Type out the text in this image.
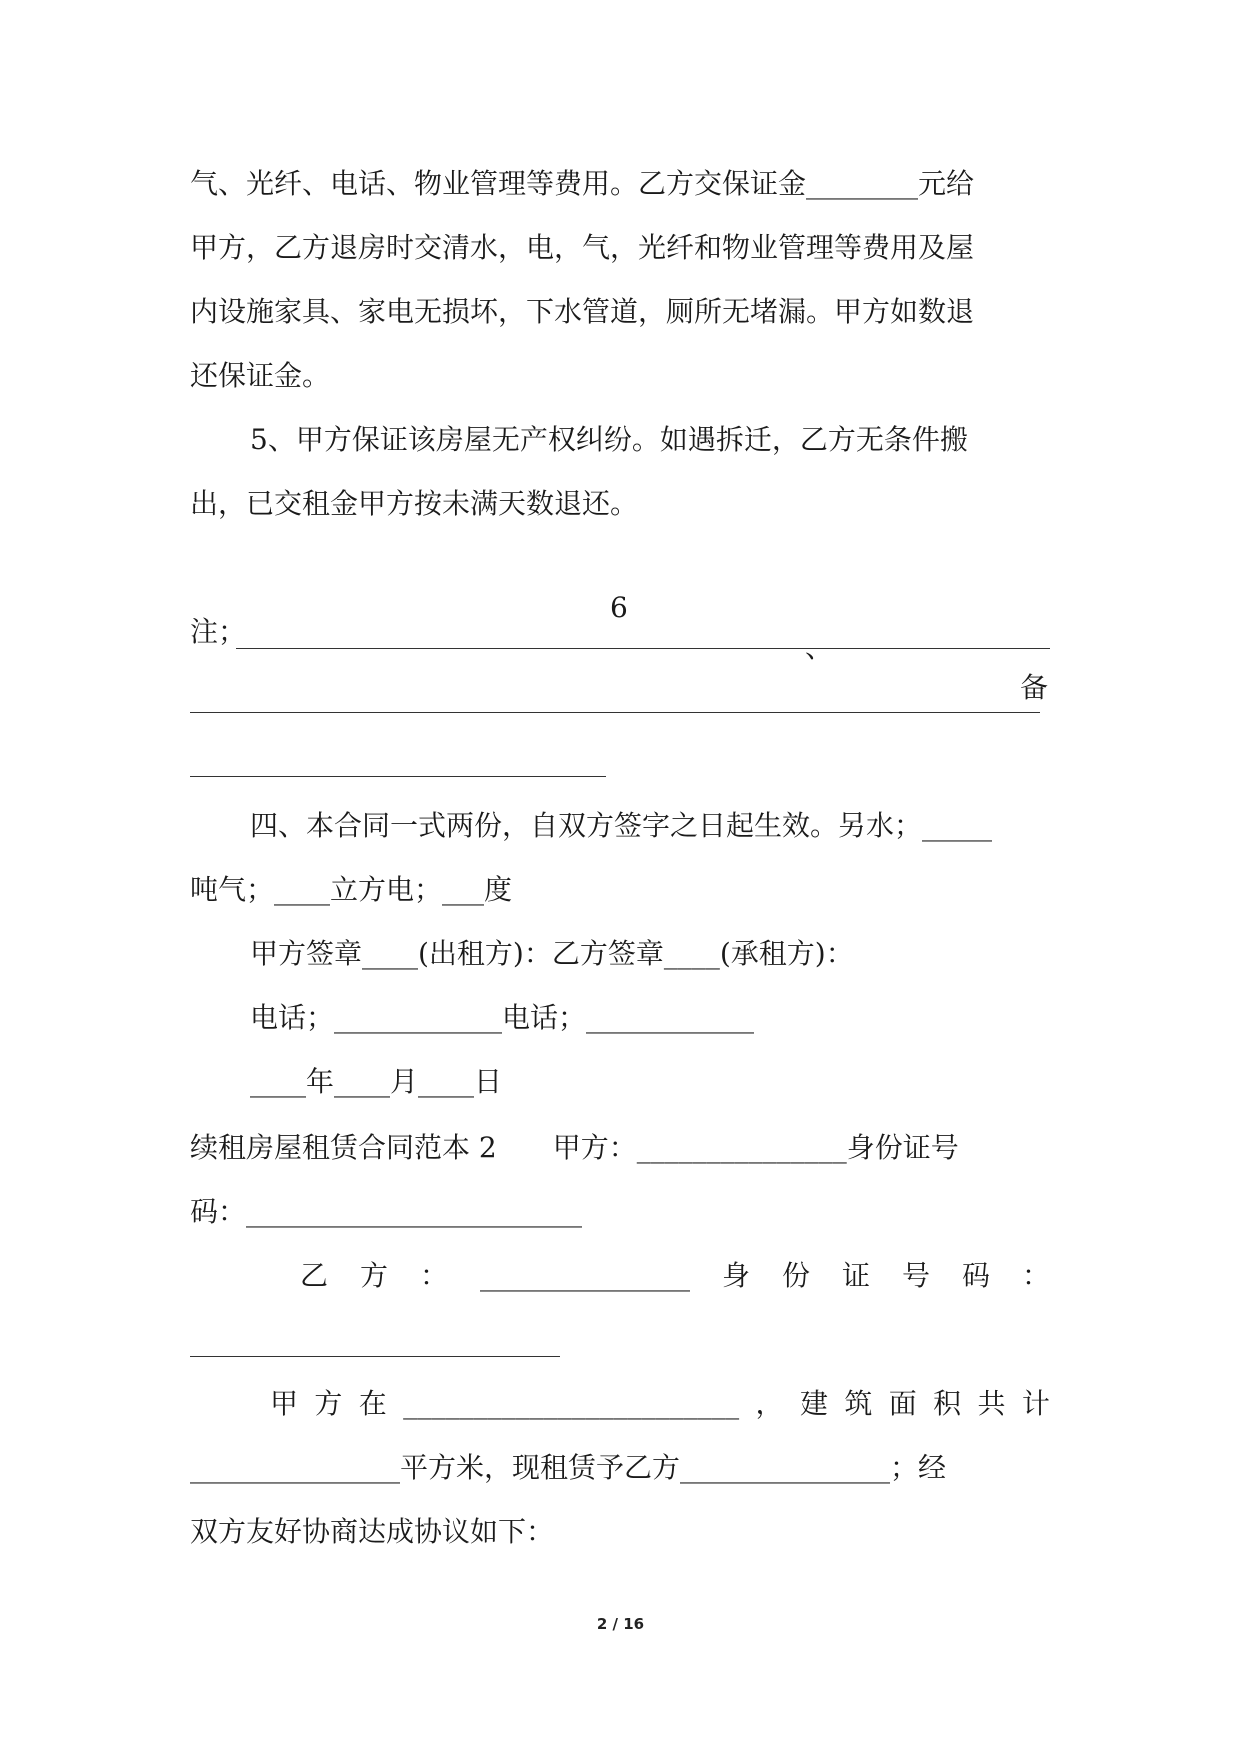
气、光纤、电话、物业管理等费用。乙方交保证金________元给
甲方，乙方退房时交清水，电，气，光纤和物业管理等费用及屋
内设施家具、家电无损坏，下水管道，厕所无堵漏。甲方如数退
还保证金。
5、甲方保证该房屋无产权纠纷。如遇拆迁，乙方无条件搬
出，已交租金甲方按未满天数退还。

6

、

备

注；
四、本合同一式两份，自双方签字之日起生效。另水；_____
吨气；____立方电；___度
甲方签章____(出租方)：乙方签章____(承租方)：
电话；____________电话；____________
____年____月____日
续租房屋租赁合同范本 2　　甲方：_______________身份证号
码：________________________
乙 方 ： _______________ 身 份 证 号 码 ：
甲 方 在 ________________________ ， 建 筑 面 积 共 计
_______________平方米，现租赁予乙方_______________；经
双方友好协商达成协议如下：
2 / 16
